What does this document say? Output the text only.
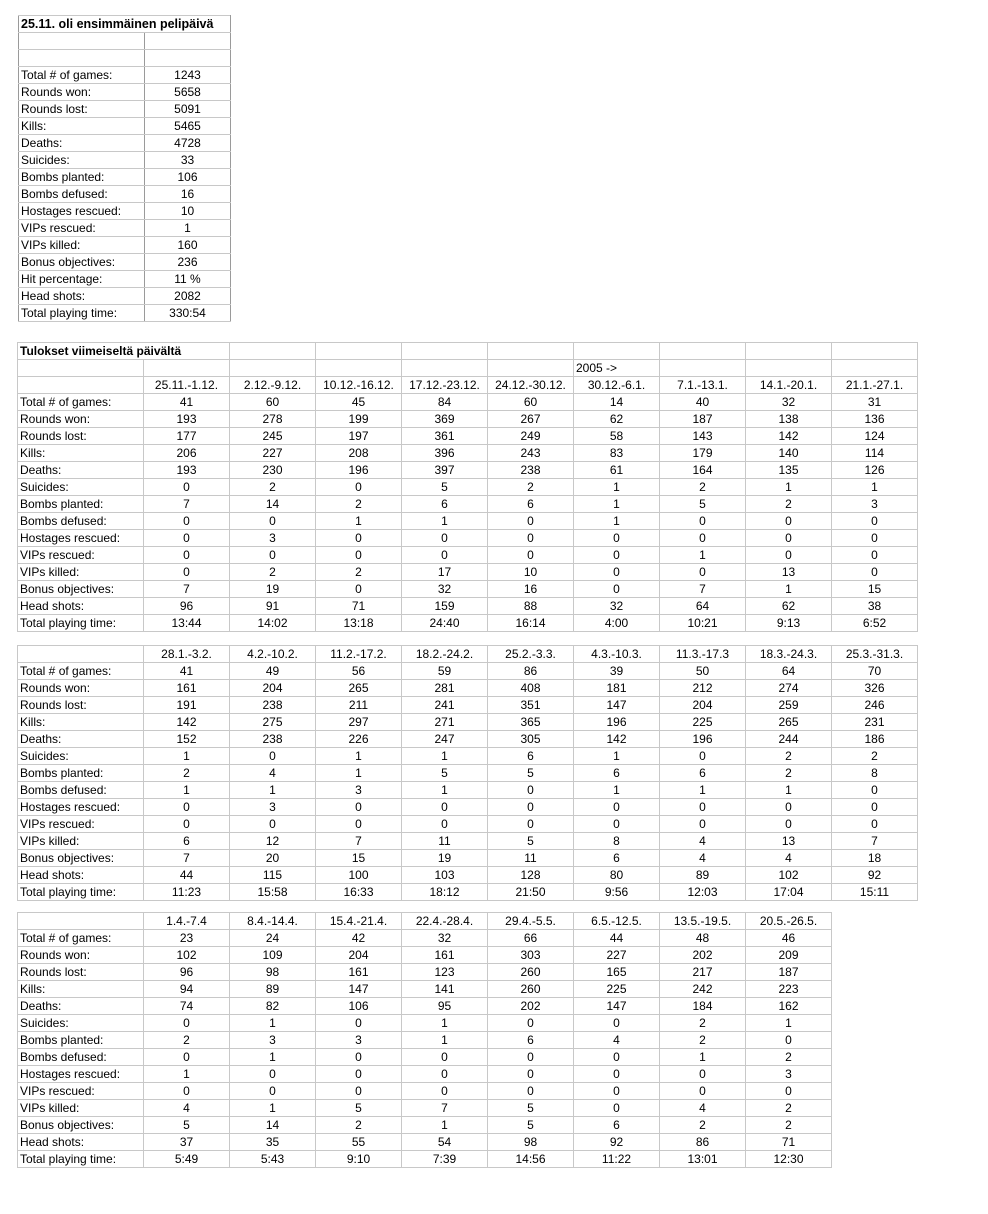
25.11. oli ensimmäinen pelipäivä	

Total # of games:	1243
Rounds won:	5658
Rounds lost:	5091
Kills:	5465
Deaths:	4728
Suicides:	33
Bombs planted:	106
Bombs defused:	16
Hostages rescued:	10
VIPs rescued:	1
VIPs killed:	160
Bonus objectives:	236
Hit percentage:	11 %
Head shots:	2082
Total playing time:	330:54
Tulokset viimeiseltä päivältä									
						2005 ->			
	25.11.-1.12.	2.12.-9.12.	10.12.-16.12.	17.12.-23.12.	24.12.-30.12.	30.12.-6.1.	7.1.-13.1.	14.1.-20.1.	21.1.-27.1.
Total # of games:	41	60	45	84	60	14	40	32	31
Rounds won:	193	278	199	369	267	62	187	138	136
Rounds lost:	177	245	197	361	249	58	143	142	124
Kills:	206	227	208	396	243	83	179	140	114
Deaths:	193	230	196	397	238	61	164	135	126
Suicides:	0	2	0	5	2	1	2	1	1
Bombs planted:	7	14	2	6	6	1	5	2	3
Bombs defused:	0	0	1	1	0	1	0	0	0
Hostages rescued:	0	3	0	0	0	0	0	0	0
VIPs rescued:	0	0	0	0	0	0	1	0	0
VIPs killed:	0	2	2	17	10	0	0	13	0
Bonus objectives:	7	19	0	32	16	0	7	1	15
Head shots:	96	91	71	159	88	32	64	62	38
Total playing time:	13:44	14:02	13:18	24:40	16:14	4:00	10:21	9:13	6:52
	28.1.-3.2.	4.2.-10.2.	11.2.-17.2.	18.2.-24.2.	25.2.-3.3.	4.3.-10.3.	11.3.-17.3	18.3.-24.3.	25.3.-31.3.
Total # of games:	41	49	56	59	86	39	50	64	70
Rounds won:	161	204	265	281	408	181	212	274	326
Rounds lost:	191	238	211	241	351	147	204	259	246
Kills:	142	275	297	271	365	196	225	265	231
Deaths:	152	238	226	247	305	142	196	244	186
Suicides:	1	0	1	1	6	1	0	2	2
Bombs planted:	2	4	1	5	5	6	6	2	8
Bombs defused:	1	1	3	1	0	1	1	1	0
Hostages rescued:	0	3	0	0	0	0	0	0	0
VIPs rescued:	0	0	0	0	0	0	0	0	0
VIPs killed:	6	12	7	11	5	8	4	13	7
Bonus objectives:	7	20	15	19	11	6	4	4	18
Head shots:	44	115	100	103	128	80	89	102	92
Total playing time:	11:23	15:58	16:33	18:12	21:50	9:56	12:03	17:04	15:11
	1.4.-7.4	8.4.-14.4.	15.4.-21.4.	22.4.-28.4.	29.4.-5.5.	6.5.-12.5.	13.5.-19.5.	20.5.-26.5.
Total # of games:	23	24	42	32	66	44	48	46
Rounds won:	102	109	204	161	303	227	202	209
Rounds lost:	96	98	161	123	260	165	217	187
Kills:	94	89	147	141	260	225	242	223
Deaths:	74	82	106	95	202	147	184	162
Suicides:	0	1	0	1	0	0	2	1
Bombs planted:	2	3	3	1	6	4	2	0
Bombs defused:	0	1	0	0	0	0	1	2
Hostages rescued:	1	0	0	0	0	0	0	3
VIPs rescued:	0	0	0	0	0	0	0	0
VIPs killed:	4	1	5	7	5	0	4	2
Bonus objectives:	5	14	2	1	5	6	2	2
Head shots:	37	35	55	54	98	92	86	71
Total playing time:	5:49	5:43	9:10	7:39	14:56	11:22	13:01	12:30
